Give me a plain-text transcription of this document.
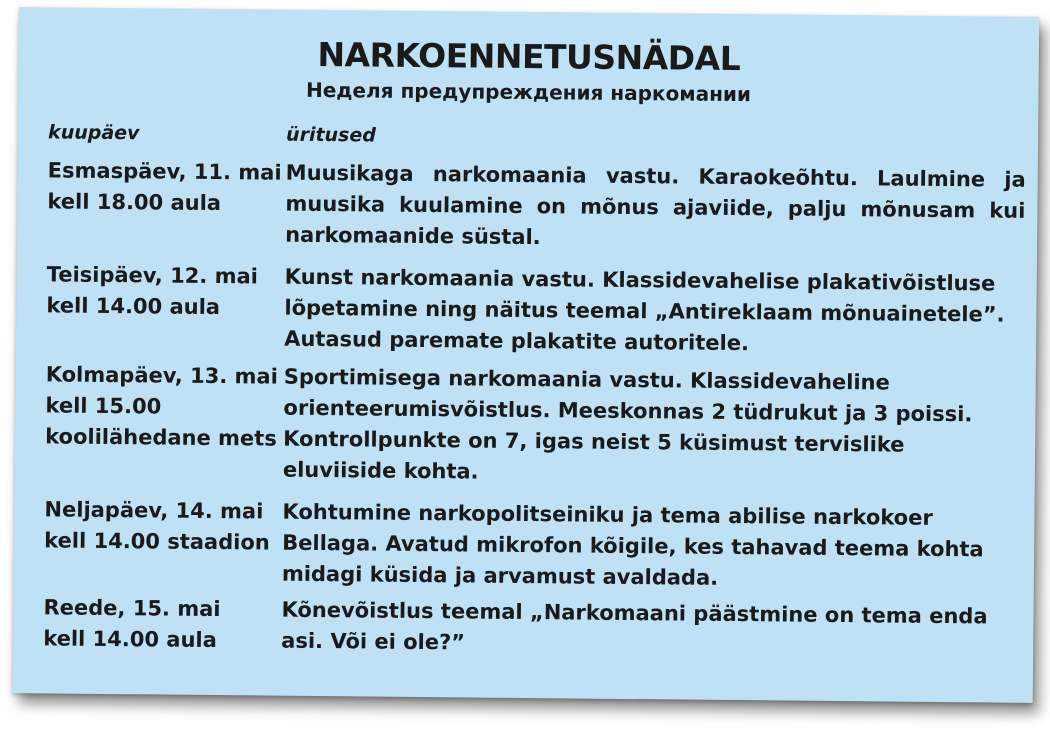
NARKOENNETUSNÄDAL
Неделя предупреждения наркомании
kuupäev	üritused
Esmaspäev, 11. mai
kell 18.00 aula
Muusikaga narkomaania vastu. Karaokeõhtu. Laulmine ja muusika kuulamine on mõnus ajaviide, palju mõnusam kui narkomaanide süstal.
Teisipäev, 12. mai
kell 14.00 aula
Kunst narkomaania vastu. Klassidevahelise plakativõistluse lõpetamine ning näitus teemal „Antireklaam mõnuainetele”. Autasud paremate plakatite autoritele.
Kolmapäev, 13. mai
kell 15.00
koolilähedane mets
Sportimisega narkomaania vastu. Klassidevaheline orienteerumisvõistlus. Meeskonnas 2 tüdrukut ja 3 poissi. Kontrollpunkte on 7, igas neist 5 küsimust tervislike eluviiside kohta.
Neljapäev, 14. mai
kell 14.00 staadion
Kohtumine narkopolitseiniku ja tema abilise narkokoer Bellaga. Avatud mikrofon kõigile, kes tahavad teema kohta midagi küsida ja arvamust avaldada.
Reede, 15. mai
kell 14.00 aula
Kõnevõistlus teemal „Narkomaani päästmine on tema enda asi. Või ei ole?”
